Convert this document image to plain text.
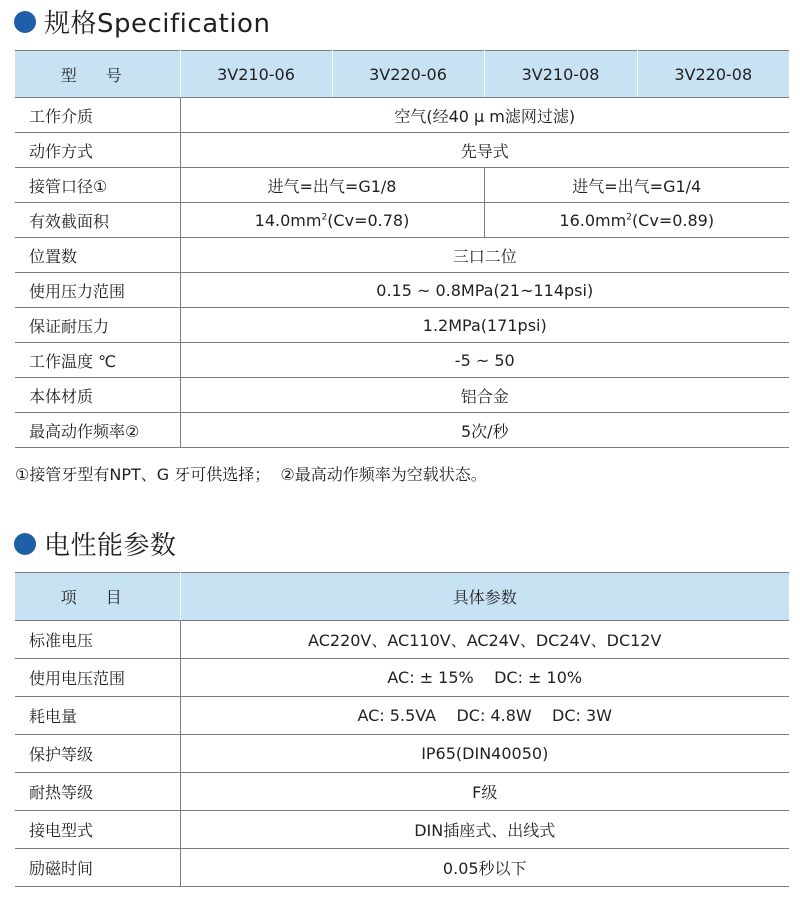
规格Specification
型 号	3V210-06	3V220-06	3V210-08	3V220-08
工作介质	空气(经40 μ m滤网过滤)			
动作方式	先导式			
接管口径①	进气=出气=G1/8		进气=出气=G1/4	
有效截面积	$14.0mm^2(Cv=0.78)$		$16.0mm^2(Cv=0.89)$	
位置数	三口二位			
使用压力范围	0.15 ~ 0.8MPa(21~114psi)			
保证耐压力	1.2MPa(171psi)			
工作温度 ℃	-5 ~ 50			
本体材质	铝合金			
最高动作频率②	5次/秒			
①接管牙型有NPT、G 牙可供选择；  ②最高动作频率为空载状态。
电性能参数
项 目	具体参数
标准电压	AC220V、AC110V、AC24V、DC24V、DC12V
使用电压范围	AC: ± 15%    DC: ± 10%
耗电量	AC: 5.5VA    DC: 4.8W    DC: 3W
保护等级	IP65(DIN40050)
耐热等级	F级
接电型式	DIN插座式、出线式
励磁时间	0.05秒以下
